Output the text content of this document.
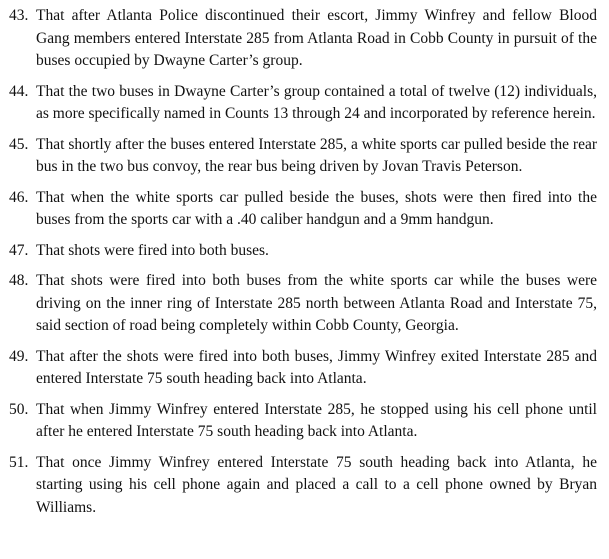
43. That after Atlanta Police discontinued their escort, Jimmy Winfrey and fellow Blood Gang members entered Interstate 285 from Atlanta Road in Cobb County in pursuit of the buses occupied by Dwayne Carter’s group.

44. That the two buses in Dwayne Carter’s group contained a total of twelve (12) individuals, as more specifically named in Counts 13 through 24 and incorporated by reference herein.

45. That shortly after the buses entered Interstate 285, a white sports car pulled beside the rear bus in the two bus convoy, the rear bus being driven by Jovan Travis Peterson.

46. That when the white sports car pulled beside the buses, shots were then fired into the buses from the sports car with a .40 caliber handgun and a 9mm handgun.

47. That shots were fired into both buses.

48. That shots were fired into both buses from the white sports car while the buses were driving on the inner ring of Interstate 285 north between Atlanta Road and Interstate 75, said section of road being completely within Cobb County, Georgia.

49. That after the shots were fired into both buses, Jimmy Winfrey exited Interstate 285 and entered Interstate 75 south heading back into Atlanta.

50. That when Jimmy Winfrey entered Interstate 285, he stopped using his cell phone until after he entered Interstate 75 south heading back into Atlanta.

51. That once Jimmy Winfrey entered Interstate 75 south heading back into Atlanta, he starting using his cell phone again and placed a call to a cell phone owned by Bryan Williams.
